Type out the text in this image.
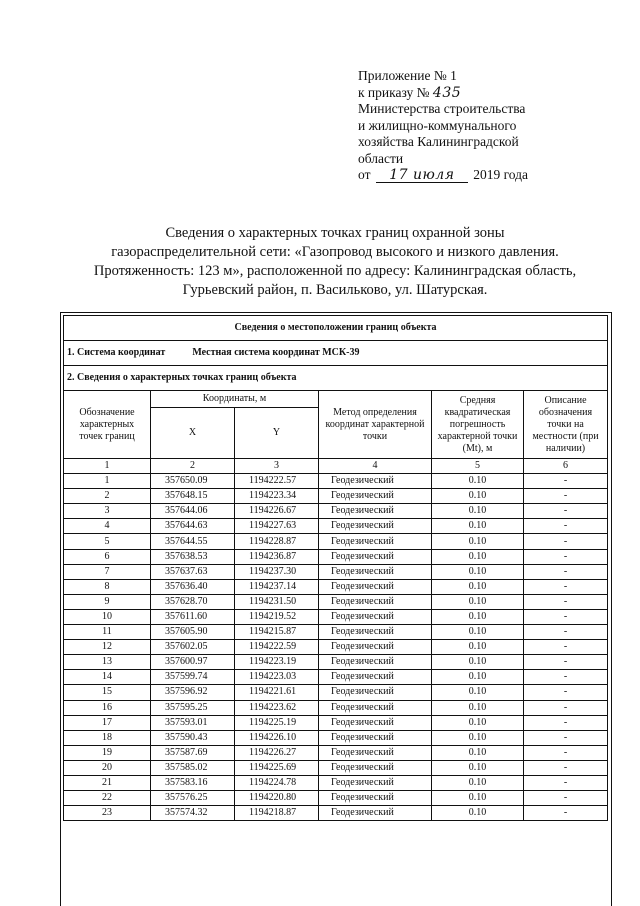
Приложение № 1
к приказу № 435
Министерства строительства
и жилищно-коммунального
хозяйства Калининградской
области
от 17 июля 2019 года
Сведения о характерных точках границ охранной зоны
газораспределительной сети: «Газопровод высокого и низкого давления.
Протяженность: 123 м», расположенной по адресу: Калининградская область,
Гурьевский район, п. Васильково, ул. Шатурская.
Сведения о местоположении границ объекта					
1. Система координат Местная система координат МСК-39					
2. Сведения о характерных точках границ объекта					
Обозначение характерных точек границ	Координаты, м		Метод определения координат характерной точки	Средняя квадратическая погрешность характерной точки (Mt), м	Описание обозначения точки на местности (при наличии)
	X	Y			
1	2	3	4	5	6
1	357650.09	1194222.57	Геодезический	0.10	-
2	357648.15	1194223.34	Геодезический	0.10	-
3	357644.06	1194226.67	Геодезический	0.10	-
4	357644.63	1194227.63	Геодезический	0.10	-
5	357644.55	1194228.87	Геодезический	0.10	-
6	357638.53	1194236.87	Геодезический	0.10	-
7	357637.63	1194237.30	Геодезический	0.10	-
8	357636.40	1194237.14	Геодезический	0.10	-
9	357628.70	1194231.50	Геодезический	0.10	-
10	357611.60	1194219.52	Геодезический	0.10	-
11	357605.90	1194215.87	Геодезический	0.10	-
12	357602.05	1194222.59	Геодезический	0.10	-
13	357600.97	1194223.19	Геодезический	0.10	-
14	357599.74	1194223.03	Геодезический	0.10	-
15	357596.92	1194221.61	Геодезический	0.10	-
16	357595.25	1194223.62	Геодезический	0.10	-
17	357593.01	1194225.19	Геодезический	0.10	-
18	357590.43	1194226.10	Геодезический	0.10	-
19	357587.69	1194226.27	Геодезический	0.10	-
20	357585.02	1194225.69	Геодезический	0.10	-
21	357583.16	1194224.78	Геодезический	0.10	-
22	357576.25	1194220.80	Геодезический	0.10	-
23	357574.32	1194218.87	Геодезический	0.10	-
